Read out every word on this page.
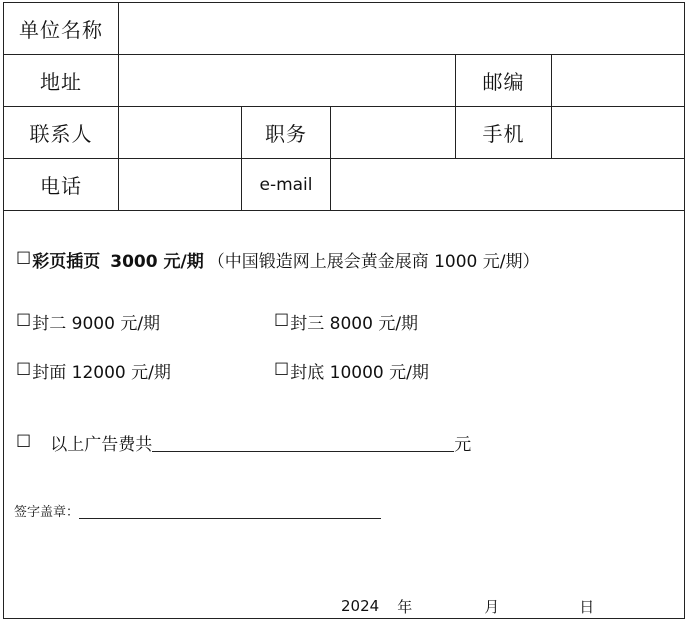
单位名称
地址	邮编
联系人	职务	手机
电话	e-mail
☐ 彩页插页 3000 元/期 （中国锻造网上展会黄金展商 1000 元/期）
☐ 封二 9000 元/期	☐ 封三 8000 元/期
☐ 封面 12000 元/期	☐ 封底 10000 元/期
☐ 以上广告费共	元
签字盖章：
2024 年	月	日
